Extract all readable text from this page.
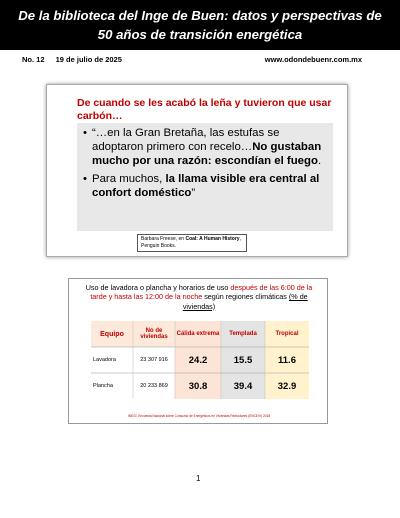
De la biblioteca del Inge de Buen: datos y perspectivas de
50 años de transición energética
No. 12 19 de julio de 2025	www.odondebuenr.com.mx
De cuando se les acabó la leña y tuvieron que usar carbón…
• “…en la Gran Bretaña, las estufas se adoptaron primero con recelo…No gustaban mucho por una razón: escondían el fuego.
• Para muchos, la llama visible era central al confort doméstico”
Barbara Freese, en Coal: A Human History, Penguin Books.
Uso de lavadora o plancha y horarios de uso después de las 6:00 de la tarde y hasta las 12:00 de la noche según regiones climáticas (% de viviendas)
Equipo	No de viviendas	Cálida extrema	Templada	Tropical
Lavadora	23 307 916	24.2	15.5	11.6
Plancha	20 233 869	30.8	39.4	32.9
INEGI, Encuesta Nacional sobre Consumo de Energéticos en Viviendas Particulares (ENCEVI) 2018
1
